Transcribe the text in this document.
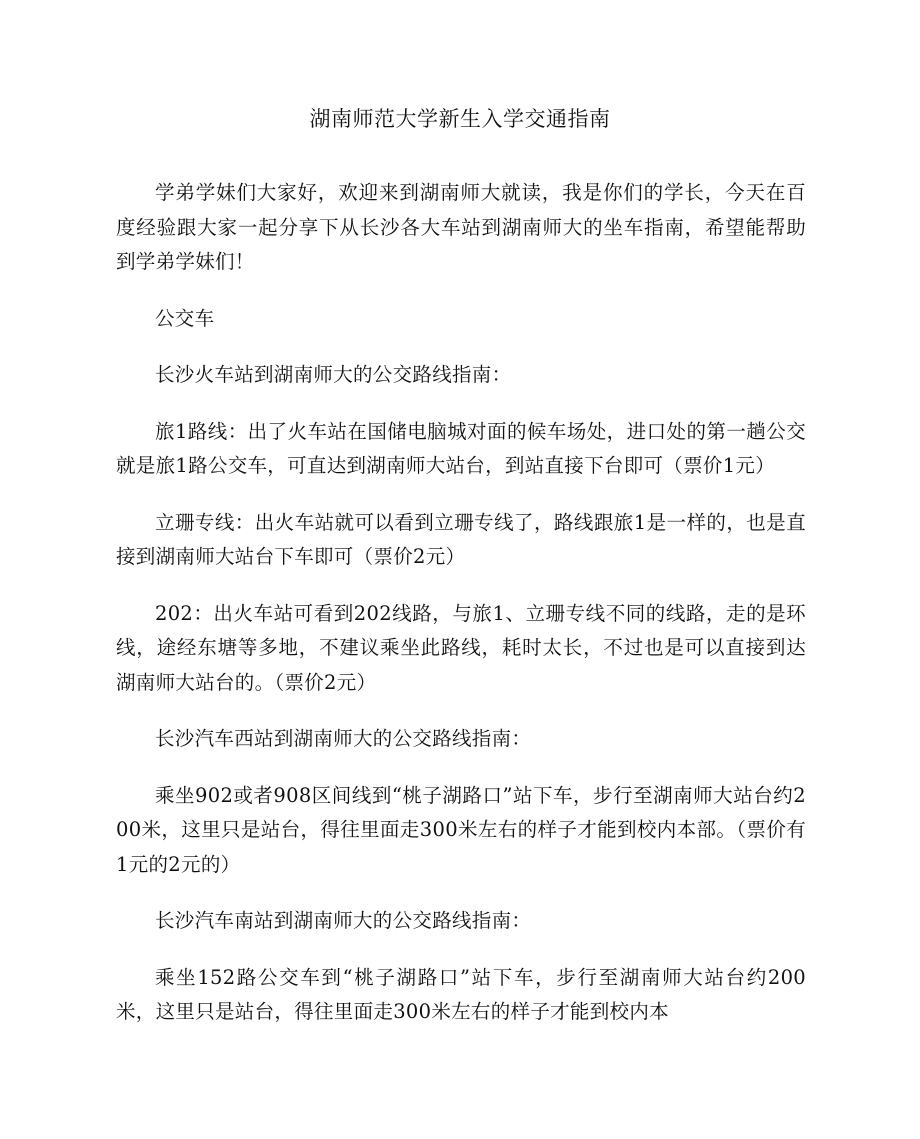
湖南师范大学新生入学交通指南

学弟学妹们大家好，欢迎来到湖南师大就读，我是你们的学长，今天在百度经验跟大家一起分享下从长沙各大车站到湖南师大的坐车指南，希望能帮助到学弟学妹们！

公交车

长沙火车站到湖南师大的公交路线指南：

旅1路线：出了火车站在国储电脑城对面的候车场处，进口处的第一趟公交就是旅1路公交车，可直达到湖南师大站台，到站直接下台即可（票价1元）

立珊专线：出火车站就可以看到立珊专线了，路线跟旅1是一样的，也是直接到湖南师大站台下车即可（票价2元）

202：出火车站可看到202线路，与旅1、立珊专线不同的线路，走的是环线，途经东塘等多地，不建议乘坐此路线，耗时太长，不过也是可以直接到达湖南师大站台的。（票价2元）

长沙汽车西站到湖南师大的公交路线指南：

乘坐902或者908区间线到“桃子湖路口”站下车，步行至湖南师大站台约200米，这里只是站台，得往里面走300米左右的样子才能到校内本部。（票价有1元的2元的）

长沙汽车南站到湖南师大的公交路线指南：

乘坐152路公交车到“桃子湖路口”站下车，步行至湖南师大站台约200米，这里只是站台，得往里面走300米左右的样子才能到校内本
